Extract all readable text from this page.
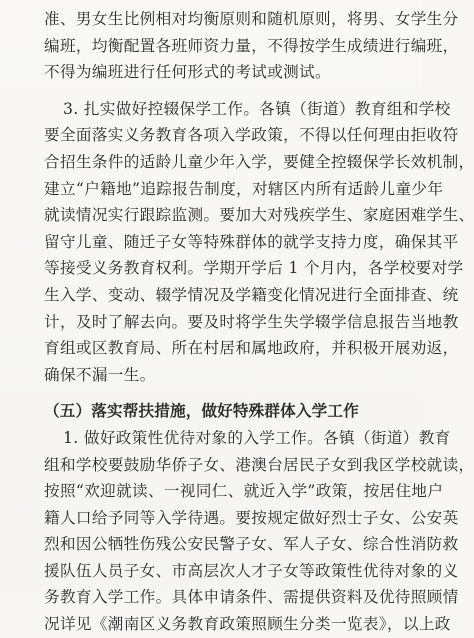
准、男女生比例相对均衡原则和随机原则，将男、女学生分
编班，均衡配置各班师资力量，不得按学生成绩进行编班，
不得为编班进行任何形式的考试或测试。
3. 扎实做好控辍保学工作。各镇（街道）教育组和学校
要全面落实义务教育各项入学政策，不得以任何理由拒收符
合招生条件的适龄儿童少年入学，要健全控辍保学长效机制，
建立“户籍地”追踪报告制度，对辖区内所有适龄儿童少年
就读情况实行跟踪监测。要加大对残疾学生、家庭困难学生、
留守儿童、随迁子女等特殊群体的就学支持力度，确保其平
等接受义务教育权利。学期开学后 1 个月内，各学校要对学
生入学、变动、辍学情况及学籍变化情况进行全面排查、统
计，及时了解去向。要及时将学生失学辍学信息报告当地教
育组或区教育局、所在村居和属地政府，并积极开展劝返，
确保不漏一生。
（五）落实帮扶措施，做好特殊群体入学工作
1. 做好政策性优待对象的入学工作。各镇（街道）教育
组和学校要鼓励华侨子女、港澳台居民子女到我区学校就读，
按照“欢迎就读、一视同仁、就近入学”政策，按居住地户
籍人口给予同等入学待遇。要按规定做好烈士子女、公安英
烈和因公牺牲伤残公安民警子女、军人子女、综合性消防救
援队伍人员子女、市高层次人才子女等政策性优待对象的义
务教育入学工作。具体申请条件、需提供资料及优待照顾情
况详见《潮南区义务教育政策照顾生分类一览表》，以上政
